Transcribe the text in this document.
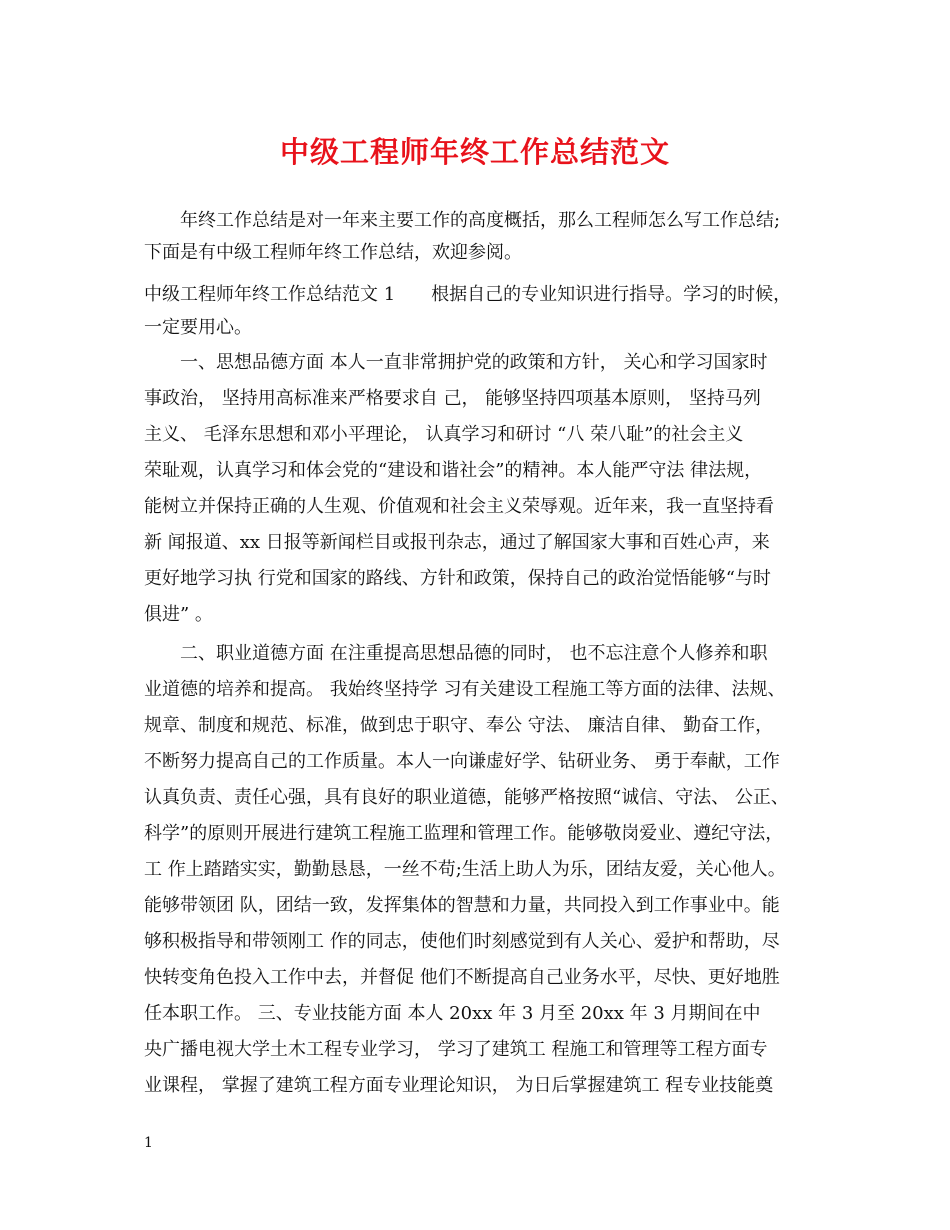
中级工程师年终工作总结范文
　　年终工作总结是对一年来主要工作的高度概括，那么工程师怎么写工作总结;
下面是有中级工程师年终工作总结，欢迎参阅。
中级工程师年终工作总结范文 1　　根据自己的专业知识进行指导。学习的时候，
一定要用心。
　　一、思想品德方面 本人一直非常拥护党的政策和方针， 关心和学习国家时
事政治， 坚持用高标准来严格要求自 己， 能够坚持四项基本原则， 坚持马列
主义、 毛泽东思想和邓小平理论， 认真学习和研讨 “八 荣八耻”的社会主义
荣耻观，认真学习和体会党的“建设和谐社会”的精神。本人能严守法 律法规，
能树立并保持正确的人生观、价值观和社会主义荣辱观。近年来，我一直坚持看
新 闻报道、xx 日报等新闻栏目或报刊杂志，通过了解国家大事和百姓心声，来
更好地学习执 行党和国家的路线、方针和政策，保持自己的政治觉悟能够“与时
俱进” 。
　　二、职业道德方面 在注重提高思想品德的同时， 也不忘注意个人修养和职
业道德的培养和提高。 我始终坚持学 习有关建设工程施工等方面的法律、法规、
规章、制度和规范、标准，做到忠于职守、奉公 守法、 廉洁自律、 勤奋工作，
不断努力提高自己的工作质量。本人一向谦虚好学、钻研业务、 勇于奉献，工作
认真负责、责任心强，具有良好的职业道德，能够严格按照“诚信、守法、 公正、
科学”的原则开展进行建筑工程施工监理和管理工作。能够敬岗爱业、遵纪守法，
工 作上踏踏实实，勤勤恳恳，一丝不苟;生活上助人为乐，团结友爱，关心他人。
能够带领团 队，团结一致，发挥集体的智慧和力量，共同投入到工作事业中。能
够积极指导和带领刚工 作的同志，使他们时刻感觉到有人关心、爱护和帮助，尽
快转变角色投入工作中去，并督促 他们不断提高自己业务水平，尽快、更好地胜
任本职工作。 三、专业技能方面 本人 20xx 年 3 月至 20xx 年 3 月期间在中
央广播电视大学土木工程专业学习， 学习了建筑工 程施工和管理等工程方面专
业课程， 掌握了建筑工程方面专业理论知识， 为日后掌握建筑工 程专业技能奠
1
